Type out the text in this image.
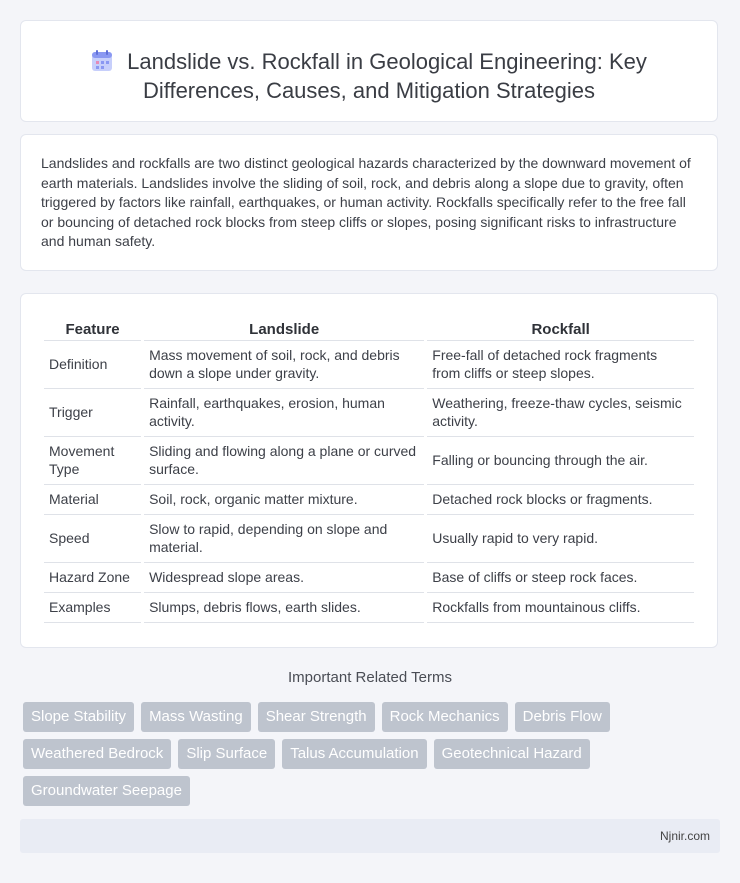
Landslide vs. Rockfall in Geological Engineering: Key Differences, Causes, and Mitigation Strategies

Landslides and rockfalls are two distinct geological hazards characterized by the downward movement of earth materials. Landslides involve the sliding of soil, rock, and debris along a slope due to gravity, often triggered by factors like rainfall, earthquakes, or human activity. Rockfalls specifically refer to the free fall or bouncing of detached rock blocks from steep cliffs or slopes, posing significant risks to infrastructure and human safety.

Feature	Landslide	Rockfall
Definition	Mass movement of soil, rock, and debris down a slope under gravity.	Free-fall of detached rock fragments from cliffs or steep slopes.
Trigger	Rainfall, earthquakes, erosion, human activity.	Weathering, freeze-thaw cycles, seismic activity.
Movement Type	Sliding and flowing along a plane or curved surface.	Falling or bouncing through the air.
Material	Soil, rock, organic matter mixture.	Detached rock blocks or fragments.
Speed	Slow to rapid, depending on slope and material.	Usually rapid to very rapid.
Hazard Zone	Widespread slope areas.	Base of cliffs or steep rock faces.
Examples	Slumps, debris flows, earth slides.	Rockfalls from mountainous cliffs.
Important Related Terms
Slope Stability	Mass Wasting	Shear Strength	Rock Mechanics	Debris Flow
Weathered Bedrock	Slip Surface	Talus Accumulation	Geotechnical Hazard
Groundwater Seepage
Njnir.com
